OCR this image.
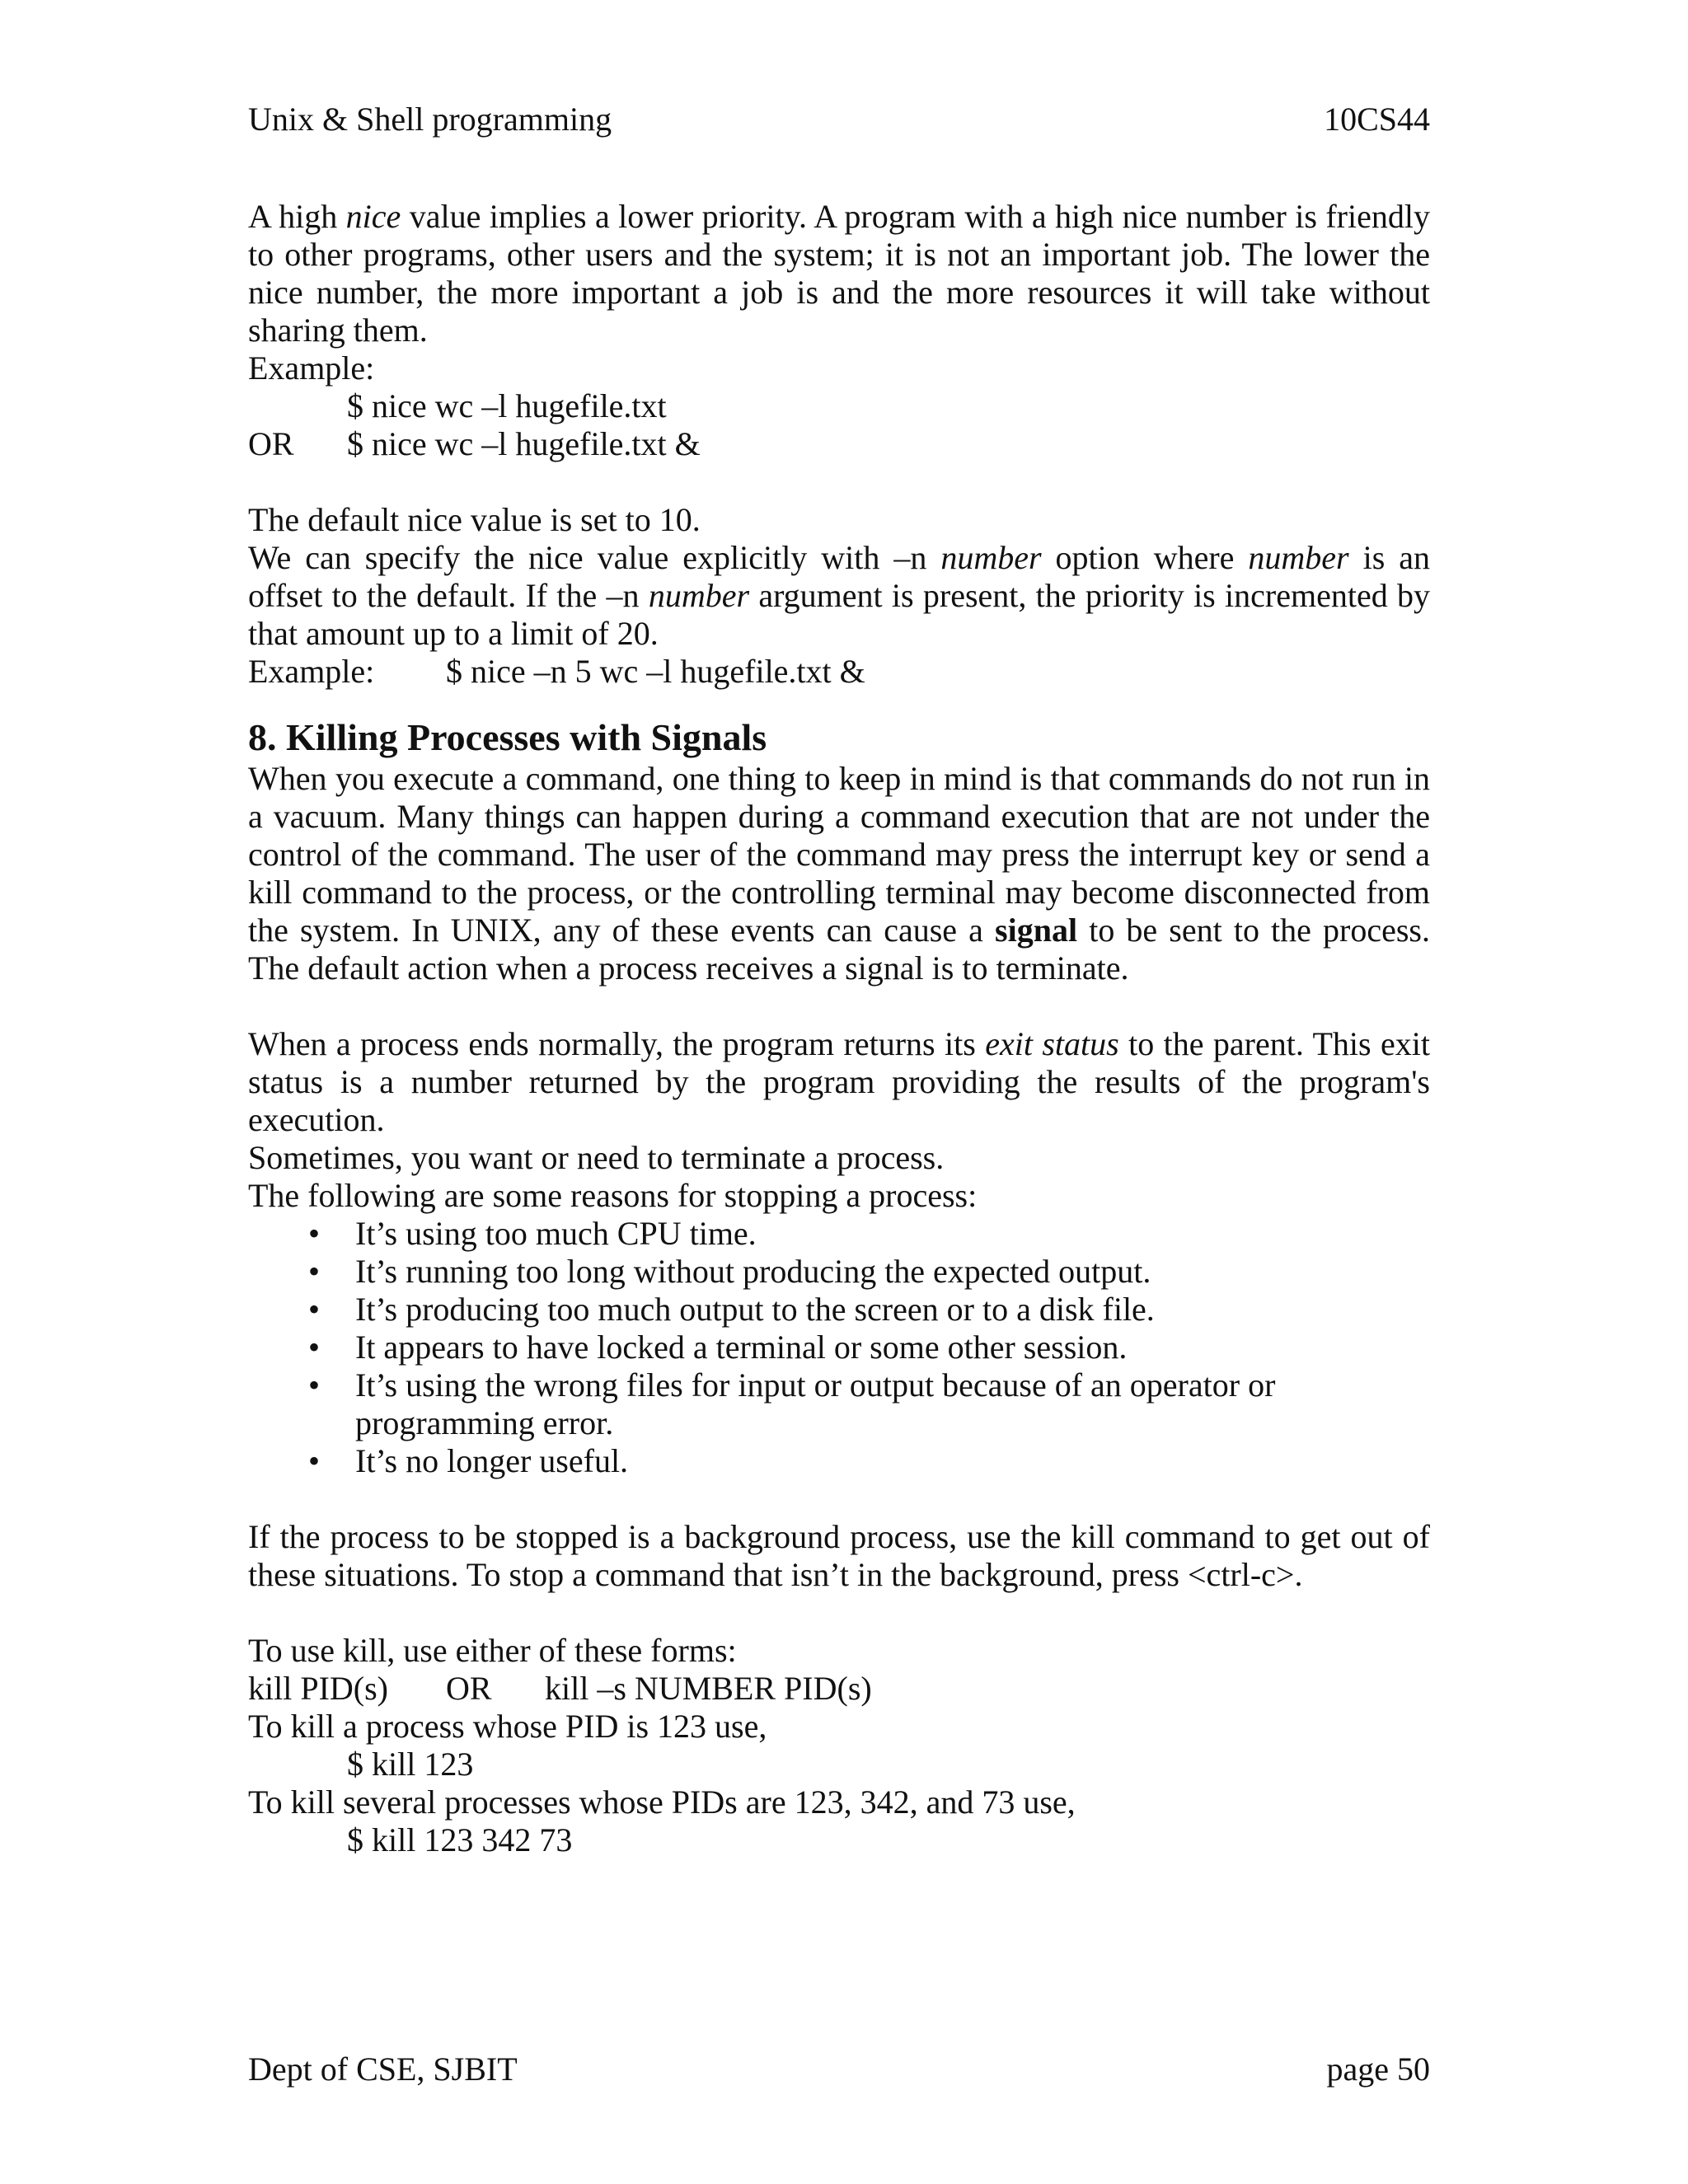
Unix & Shell programming	10CS44

A high nice value implies a lower priority. A program with a high nice number is friendly to other programs, other users and the system; it is not an important job. The lower the nice number, the more important a job is and the more resources it will take without sharing them.

Example:
$ nice wc –l hugefile.txt
OR	$ nice wc –l hugefile.txt &

The default nice value is set to 10.

We can specify the nice value explicitly with –n number option where number is an offset to the default. If the –n number argument is present, the priority is incremented by that amount up to a limit of 20.

Example:	$ nice –n 5 wc –l hugefile.txt &
8. Killing Processes with Signals

When you execute a command, one thing to keep in mind is that commands do not run in a vacuum. Many things can happen during a command execution that are not under the control of the command. The user of the command may press the interrupt key or send a kill command to the process, or the controlling terminal may become disconnected from the system. In UNIX, any of these events can cause a signal to be sent to the process. The default action when a process receives a signal is to terminate.

When a process ends normally, the program returns its exit status to the parent. This exit status is a number returned by the program providing the results of the program's execution.

Sometimes, you want or need to terminate a process.

The following are some reasons for stopping a process:

•	It’s using too much CPU time.
•	It’s running too long without producing the expected output.
•	It’s producing too much output to the screen or to a disk file.
•	It appears to have locked a terminal or some other session.
•	It’s using the wrong files for input or output because of an operator or programming error.
•	It’s no longer useful.

If the process to be stopped is a background process, use the kill command to get out of these situations. To stop a command that isn’t in the background, press <ctrl-c>.

To use kill, use either of these forms:

kill PID(s)	OR	kill –s NUMBER PID(s)

To kill a process whose PID is 123 use,

$ kill 123

To kill several processes whose PIDs are 123, 342, and 73 use,

$ kill 123 342 73
Dept of CSE, SJBIT	page 50
